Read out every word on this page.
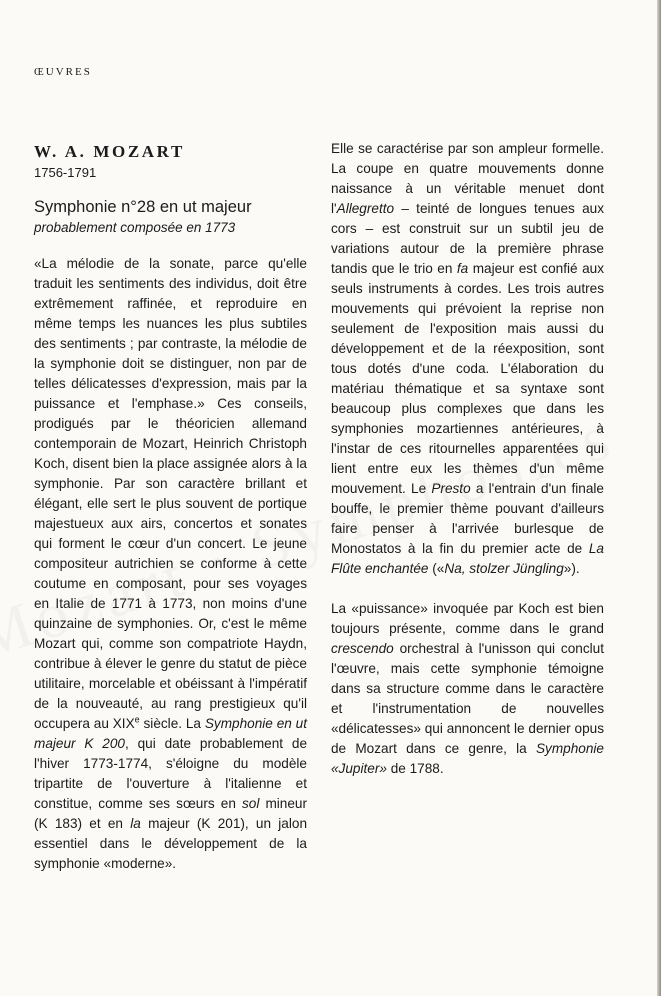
ŒUVRES
W. A. MOZART
1756-1791
Symphonie n°28 en ut majeur
probablement composée en 1773

«La mélodie de la sonate, parce qu'elle traduit les sentiments des individus, doit être extrêmement raffinée, et reproduire en même temps les nuances les plus subtiles des sentiments ; par contraste, la mélodie de la symphonie doit se distinguer, non par de telles délicatesses d'expression, mais par la puissance et l'emphase.» Ces conseils, prodigués par le théoricien allemand contemporain de Mozart, Heinrich Christoph Koch, disent bien la place assignée alors à la symphonie. Par son caractère brillant et élégant, elle sert le plus souvent de portique majestueux aux airs, concertos et sonates qui forment le cœur d'un concert. Le jeune compositeur autrichien se conforme à cette coutume en composant, pour ses voyages en Italie de 1771 à 1773, non moins d'une quinzaine de symphonies. Or, c'est le même Mozart qui, comme son compatriote Haydn, contribue à élever le genre du statut de pièce utilitaire, morcelable et obéissant à l'impératif de la nouveauté, au rang prestigieux qu'il occupera au XIXe siècle. La Symphonie en ut majeur K 200, qui date probablement de l'hiver 1773-1774, s'éloigne du modèle tripartite de l'ouverture à l'italienne et constitue, comme ses sœurs en sol mineur (K 183) et en la majeur (K 201), un jalon essentiel dans le développement de la symphonie «moderne».

Elle se caractérise par son ampleur formelle. La coupe en quatre mouvements donne naissance à un véritable menuet dont l'Allegretto – teinté de longues tenues aux cors – est construit sur un subtil jeu de variations autour de la première phrase tandis que le trio en fa majeur est confié aux seuls instruments à cordes. Les trois autres mouvements qui prévoient la reprise non seulement de l'exposition mais aussi du développement et de la réexposition, sont tous dotés d'une coda. L'élaboration du matériau thématique et sa syntaxe sont beaucoup plus complexes que dans les symphonies mozartiennes antérieures, à l'instar de ces ritournelles apparentées qui lient entre eux les thèmes d'un même mouvement. Le Presto a l'entrain d'un finale bouffe, le premier thème pouvant d'ailleurs faire penser à l'arrivée burlesque de Monostatos à la fin du premier acte de La Flûte enchantée («Na, stolzer Jüngling»).

La «puissance» invoquée par Koch est bien toujours présente, comme dans le grand crescendo orchestral à l'unisson qui conclut l'œuvre, mais cette symphonie témoigne dans sa structure comme dans le caractère et l'instrumentation de nouvelles «délicatesses» qui annoncent le dernier opus de Mozart dans ce genre, la Symphonie «Jupiter» de 1788.
